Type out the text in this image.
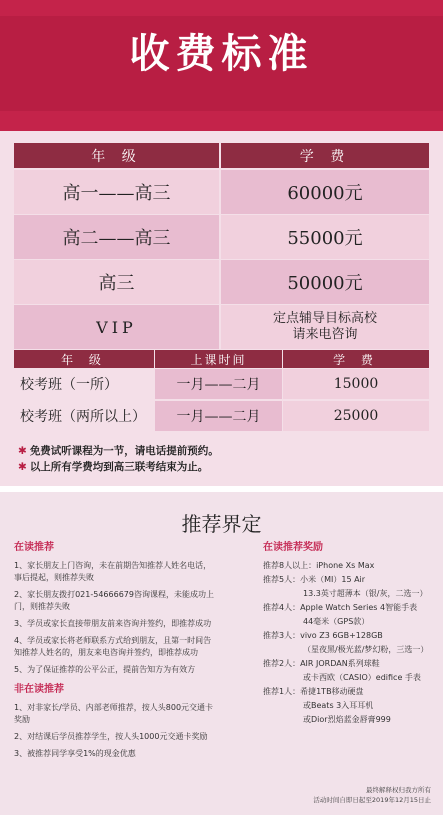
收费标准
年 级	学 费
高一——高三	60000元
高二——高三	55000元
高三	50000元
VIP	定点辅导目标高校
请来电咨询
年 级	上课时间	学 费
校考班（一所）	一月——二月	15000
校考班（两所以上）	一月——二月	25000
✱ 免费试听课程为一节，请电话提前预约。
✱ 以上所有学费均到高三联考结束为止。
推荐界定
在读推荐
1、家长朋友上门咨询，未在前期告知推荐人姓名电话，事后提起，则推荐失败
2、家长朋友拨打021-54666679咨询课程，未能成功上门，则推荐失败
3、学员或家长直接带朋友前来咨询并签约，即推荐成功
4、学员或家长将老师联系方式给到朋友，且第一时间告知推荐人姓名的，朋友来电咨询并签约，即推荐成功
5、为了保证推荐的公平公正，提前告知方为有效方
非在读推荐
1、对非家长/学员、内部老师推荐，按人头800元交通卡奖励
2、对结课后学员推荐学生，按人头1000元交通卡奖励
3、被推荐同学享受1%的现金优惠
在读推荐奖励
推荐8人以上：iPhone Xs Max
推荐5人：小米（MI）15 Air
13.3英寸超薄本（银/灰，二选一）
推荐4人：Apple Watch Series 4智能手表
44毫米（GPS款）
推荐3人：vivo Z3 6GB+128GB
（星夜黑/极光蓝/梦幻粉，三选一）
推荐2人：AIR JORDAN系列球鞋
或卡西欧（CASIO）edifice 手表
推荐1人：希捷1TB移动硬盘
或Beats 3入耳耳机
或Dior烈焰蓝金唇膏999
最终解释权归我方所有
活动时间自即日起至2019年12月15日止
